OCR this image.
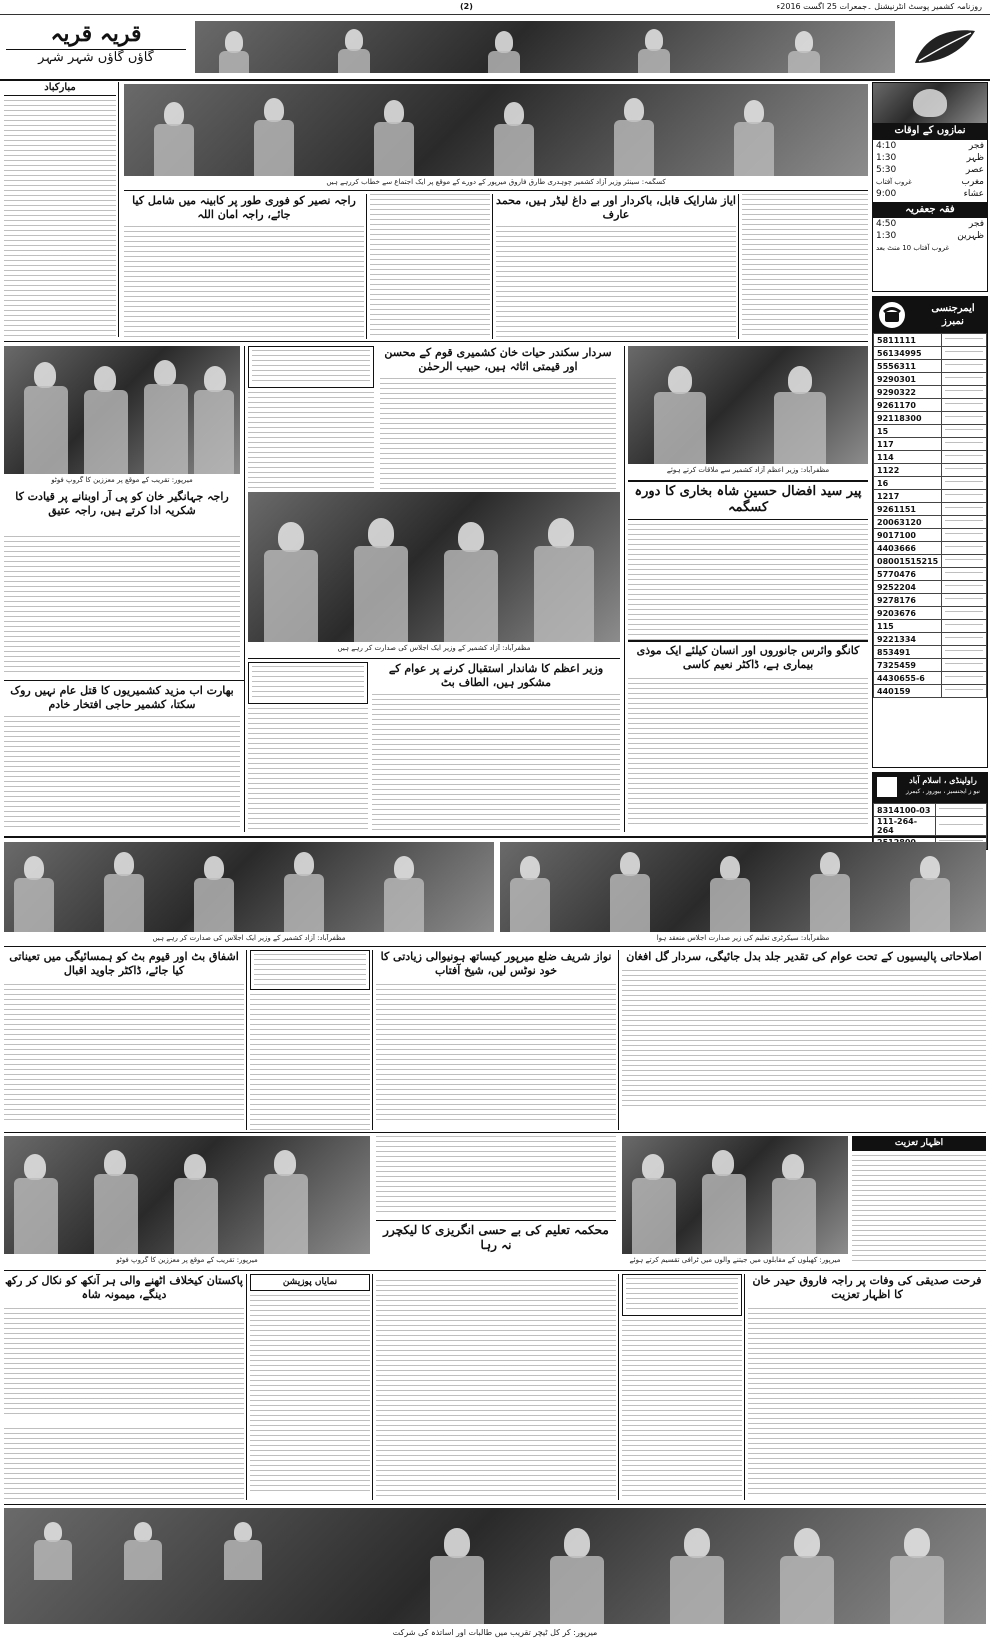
(2)	روزنامہ کشمیر پوسٹ انٹرنیشنل ۔جمعرات 25 اگست 2016ء
قریہ قریہ
گاؤں گاؤں شہر شہر
نمازوں کے اوقات
4:10	فجر
1:30	ظہر
5:30	عصر
غروب آفتاب	مغرب
9:00	عشاء
فقہ جعفریہ
4:50	فجر
1:30	ظہرین
غروب آفتاب 10 منٹ بعد	
ایمرجنسی نمبرز
5811111	

56134995	

5556311	

9290301	

9290322	

9261170	

92118300	

15	

117	

114	

1122	

16	

1217	

9261151	

20063120	

9017100	

4403666	

08001515215	

5770476	

9252204	

9278176	

9203676	

115	

9221334	

853491	

7325459	

4430655-6	

440159	
راولپنڈی ، اسلام آباد
نیو ز ایجنسیز ، بیوروز ، کیمرز
8314100-03	

111-264-264	

مبارکباد
کسگمہ: سینئر وزیر آزاد کشمیر چوہدری طارق فاروق میرپور کے دورے کے موقع پر ایک اجتماع سے خطاب کررہے ہیں
راجہ نصیر کو فوری طور پر کابینہ میں شامل کیا جائے، راجہ امان اللہ
ایاز شارایک قابل، باکردار اور بے داغ لیڈر ہیں، محمد عارف
میرپور: تقریب کے موقع پر معززین کا گروپ فوٹو
راجہ جہانگیر خان کو پی آر اوبنانے پر قیادت کا شکریہ ادا کرتے ہیں، راجہ عتیق
سردار سکندر حیات خان کشمیری قوم کے محسن اور قیمتی اثاثہ ہیں، حبیب الرحمٰن
مظفرآباد: آزاد کشمیر کے وزیر ایک اجلاس کی صدارت کر رہے ہیں
مظفرآباد: وزیر اعظم آزاد کشمیر سے ملاقات کرتے ہوئے
پیر سید افضال حسین شاہ بخاری کا دورہ کسگمہ
کانگو وائرس جانوروں اور انسان کیلئے ایک موذی بیماری ہے، ڈاکٹر نعیم کاسی
بھارت اب مزید کشمیریوں کا قتل عام نہیں روک سکتا، کشمیر حاجی افتخار خادم
وزیر اعظم کا شاندار استقبال کرنے پر عوام کے مشکور ہیں، الطاف بٹ
مظفرآباد: آزاد کشمیر کے وزیر ایک اجلاس کی صدارت کر رہے ہیں	مظفرآباد: سیکرٹری تعلیم کی زیر صدارت اجلاس منعقد ہوا
اشفاق بٹ اور قیوم بٹ کو ہمسائیگی میں تعیناتی کیا جائے، ڈاکٹر جاوید اقبال
نواز شریف ضلع میرپور کیساتھ ہونیوالی زیادتی کا خود نوٹس لیں، شیخ آفتاب
اصلاحاتی پالیسیوں کے تحت عوام کی تقدیر جلد بدل جائیگی، سردار گل افغان
میرپور: تقریب کے موقع پر معززین کا گروپ فوٹو
محکمہ تعلیم کی بے حسی انگریزی کا لیکچرر نہ رہا
میرپور: کھیلوں کے مقابلوں میں جیتنے والوں میں ٹرافی تقسیم کرتے ہوئے
اظہار تعزیت
پاکستان کیخلاف اٹھنے والی ہر آنکھ کو نکال کر رکھ دینگے، میمونہ شاہ
نمایاں پوزیشن	فرحت صدیقی کی وفات پر راجہ فاروق حیدر خان کا اظہار تعزیت
میرپور: کر کل ٹیچر تقریب میں طالبات اور اساتذہ کی شرکت
